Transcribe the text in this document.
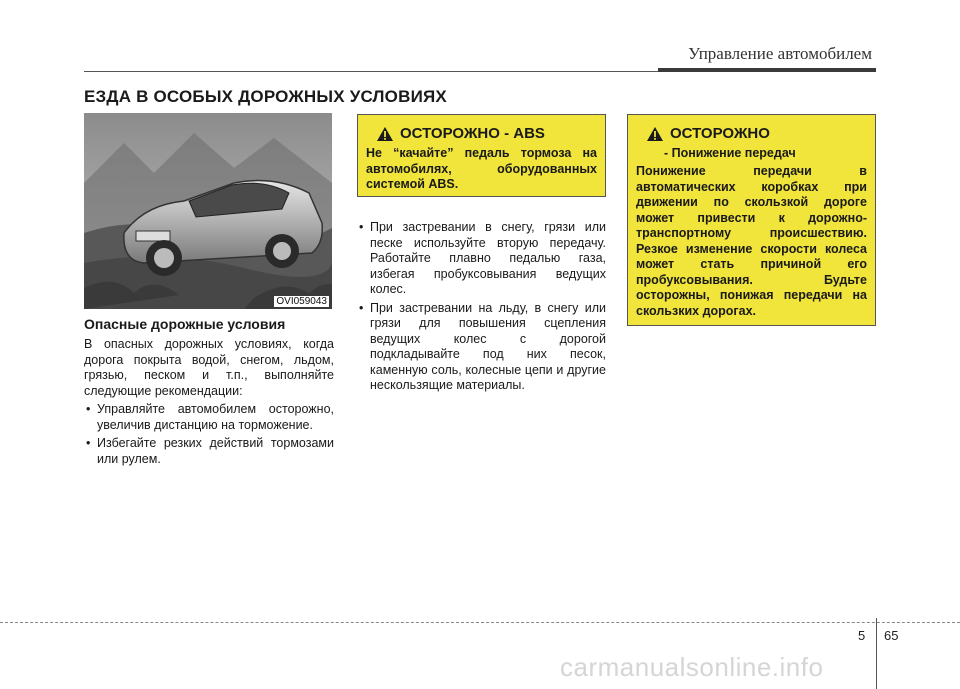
Управление автомобилем
ЕЗДА В ОСОБЫХ ДОРОЖНЫХ УСЛОВИЯХ
OVI059043
Опасные дорожные условия
В опасных дорожных условиях, когда дорога покрыта водой, снегом, льдом, грязью, песком и т.п., выполняйте следующие рекомендации:
• Управляйте автомобилем осторожно, увеличив дистанцию на торможение.
• Избегайте резких действий тормозами или рулем.
ОСТОРОЖНО - ABS
Не “качайте” педаль тормоза на автомобилях, оборудованных системой ABS.
• При застревании в снегу, грязи или песке используйте вторую передачу. Работайте плавно педалью газа, избегая пробуксовывания ведущих колес.
• При застревании на льду, в снегу или грязи для повышения сцепления ведущих колес с дорогой подкладывайте под них песок, каменную соль, колесные цепи и другие нескользящие материалы.
ОСТОРОЖНО
- Понижение передач
Понижение передачи в автоматических коробках при движении по скользкой дороге может привести к дорожно-транспортному происшествию. Резкое изменение скорости колеса может стать причиной его пробуксовывания. Будьте осторожны, понижая передачи на скользких дорогах.
5 65
carmanualsonline.info
